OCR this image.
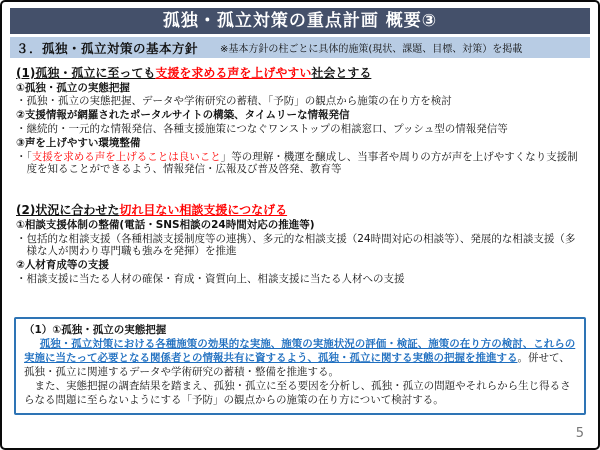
孤独・孤立対策の重点計画 概要③
３．孤独・孤立対策の基本方針 ※基本方針の柱ごとに具体的施策(現状、課題、目標、対策）を掲載

(1)孤独・孤立に至っても支援を求める声を上げやすい社会とする

①孤独・孤立の実態把握

・孤独・孤立の実態把握、データや学術研究の蓄積、「予防」の観点から施策の在り方を検討

②支援情報が網羅されたポータルサイトの構築、タイムリーな情報発信

・継続的・一元的な情報発信、各種支援施策につなぐワンストップの相談窓口、プッシュ型の情報発信等

③声を上げやすい環境整備

・「支援を求める声を上げることは良いこと」等の理解・機運を醸成し、当事者や周りの方が声を上げやすくなり支援制度を知ることができるよう、情報発信・広報及び普及啓発、教育等

(2)状況に合わせた切れ目ない相談支援につなげる

①相談支援体制の整備(電話・SNS相談の24時間対応の推進等)

・包括的な相談支援（各種相談支援制度等の連携）、多元的な相談支援（24時間対応の相談等）、発展的な相談支援（多様な人が関わり専門職も強みを発揮）を推進

②人材育成等の支援

・相談支援に当たる人材の確保・育成・資質向上、相談支援に当たる人材への支援

（1）①孤独・孤立の実態把握

孤独・孤立対策における各種施策の効果的な実施、施策の実施状況の評価・検証、施策の在り方の検討、これらの実施に当たって必要となる関係者との情報共有に資するよう、孤独・孤立に関する実態の把握を推進する。併せて、孤独・孤立に関連するデータや学術研究の蓄積・整備を推進する。

また、実態把握の調査結果を踏まえ、孤独・孤立に至る要因を分析し、孤独・孤立の問題やそれらから生じ得るさらなる問題に至らないようにする「予防」の観点からの施策の在り方について検討する。

5
